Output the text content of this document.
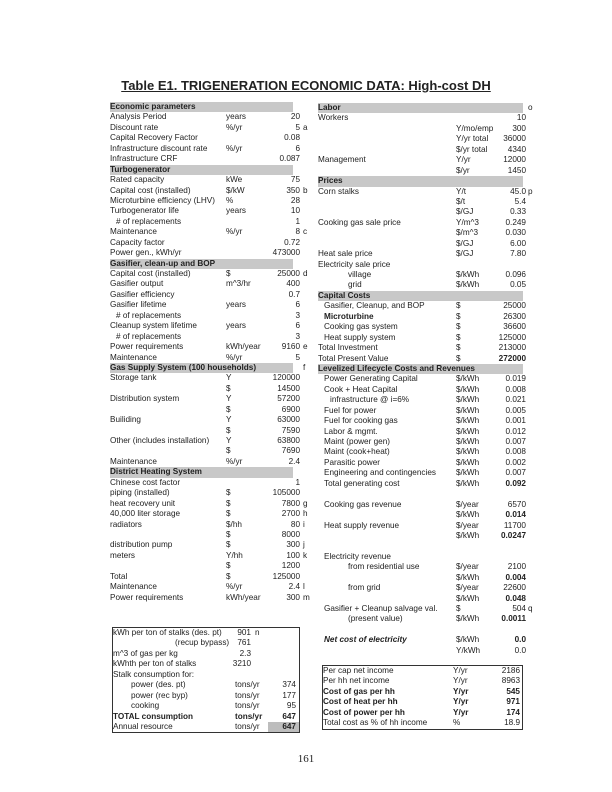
Table E1. TRIGENERATION ECONOMIC DATA: High-cost DH
Economic parameters
Analysis Period	years	20
Discount rate	%/yr	5 a
Capital Recovery Factor	0.08
Infrastructure discount rate %/yr	6
Infrastructure CRF	0.087
Turbogenerator
Rated capacity	kWe	75
Capital cost (installed)	$/kW	350 b
Microturbine efficiency (LHV) %	28
Turbogenerator life	years	10
# of replacements	1
Maintenance	%/yr	8 c
Capacity factor	0.72
Power gen., kWh/yr	473000
Gasifier, clean-up and BOP
Capital cost (installed)	$	25000 d
Gasifier output	m^3/hr	400
Gasifier efficiency	0.7
Gasifier lifetime	years	6
# of replacements	3
Cleanup system lifetime	years	6
# of replacements	3
Power requirements	kWh/year	9160 e
Maintenance	%/yr	5
Gas Supply System (100 households)	f
Storage tank	Y	120000
$	14500
Distribution system	Y	57200
$	6900
Builiding	Y	63000
$	7590
Other (includes installation) Y	63800
$	7690
Maintenance	%/yr	2.4
District Heating System
Chinese cost factor	1
piping (installed)	$	105000
heat recovery unit	$	7800 g
40,000 liter storage	$	2700 h
radiators	$/hh	80 i
$	8000
distribution pump	$	300 j
meters	Y/hh	100 k
$	1200
Total	$	125000
Maintenance	%/yr	2.4 l
Power requirements	kWh/year	300 m
Labor	o
Workers	10
Y/mo/emp	300
Y/yr total	36000
$/yr total	4340
Management	Y/yr	12000
$/yr	1450
Prices
Corn stalks	Y/t	45.0 p
$/t	5.4
$/GJ	0.33
Cooking gas sale price	Y/m^3	0.249
$/m^3	0.030
$/GJ	6.00
Heat sale price	$/GJ	7.80
Electricity sale price
village	$/kWh	0.096
grid	$/kWh	0.05
Capital Costs
Gasifier, Cleanup, and BOP	$	25000
Microturbine	$	26300
Cooking gas system	$	36600
Heat supply system	$	125000
Total Investment	$	213000
Total Present Value	$	272000
Levelized Lifecycle Costs and Revenues
Power Generating Capital	$/kWh	0.019
Cook + Heat Capital	$/kWh	0.008
infrastructure @ i=6%	$/kWh	0.021
Fuel for power	$/kWh	0.005
Fuel for cooking gas	$/kWh	0.001
Labor & mgmt.	$/kWh	0.012
Maint (power gen)	$/kWh	0.007
Maint (cook+heat)	$/kWh	0.008
Parasitic power	$/kWh	0.002
Engineering and contingencies $/kWh	0.007
Total generating cost	$/kWh	0.092
Cooking gas revenue	$/year	6570
$/kWh	0.014
Heat supply revenue	$/year	11700
$/kWh	0.0247
Electricity revenue
from residential use	$/year	2100
$/kWh	0.004
from grid	$/year	22600
$/kWh	0.048
Gasifier + Cleanup salvage val. $	504 q
(present value)	$/kWh	0.0011
Net cost of electricity	$/kWh	0.0
Y/kWh	0.0
kWh per ton of stalks (des. pt)	901 n
(recup bypass) 761
m^3 of gas per kg	2.3
kWhth per ton of stalks	3210
Stalk consumption for:
power (des. pt)	tons/yr	374
power (rec byp)	tons/yr	177
cooking	tons/yr	95
TOTAL consumption	tons/yr	647
Annual resource	tons/yr	647
Per cap net income	Y/yr	2186
Per hh net income	Y/yr	8963
Cost of gas per hh	Y/yr	545
Cost of heat per hh	Y/yr	971
Cost of power per hh	Y/yr	174
Total cost as % of hh income	%	18.9
161
